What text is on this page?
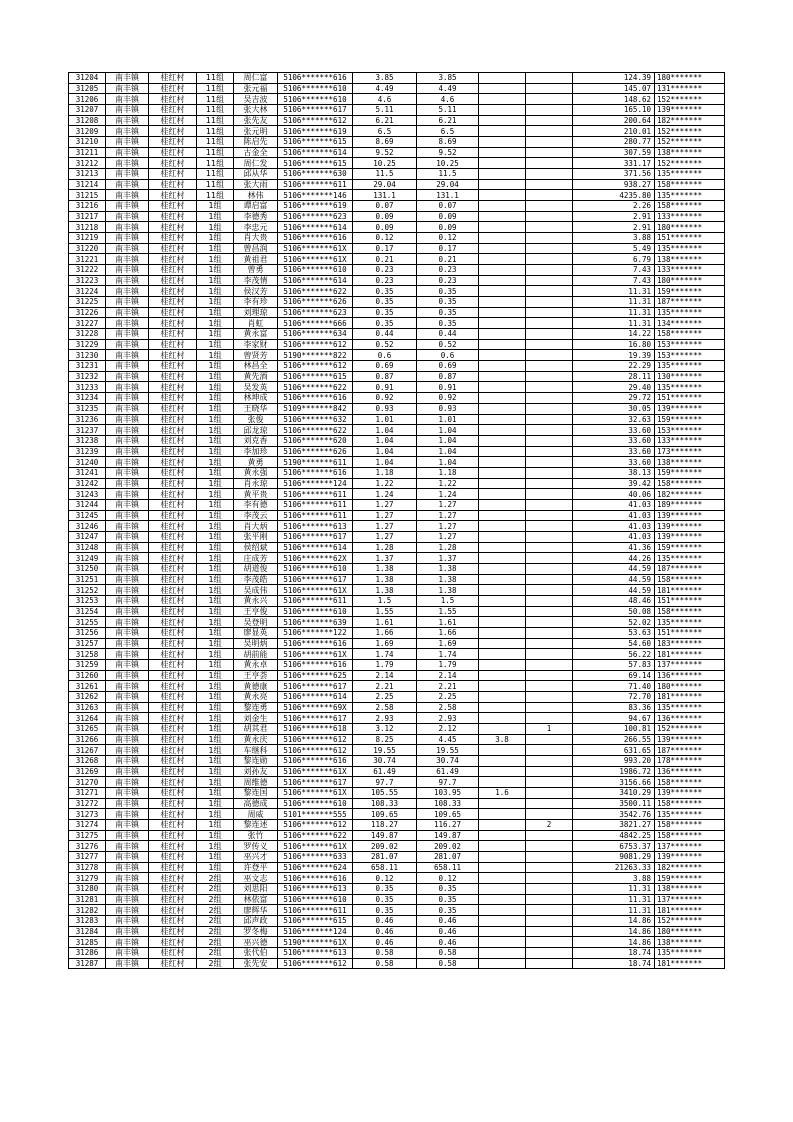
31204	南丰镇	桂红村	11组	周仁富	5106*******616	3.85	3.85			124.39	180*******
31205	南丰镇	桂红村	11组	张元福	5106*******610	4.49	4.49			145.07	131*******
31206	南丰镇	桂红村	11组	吴吉波	5106*******610	4.6	4.6			148.62	152*******
31207	南丰镇	桂红村	11组	张大林	5106*******617	5.11	5.11			165.10	139*******
31208	南丰镇	桂红村	11组	张先友	5106*******612	6.21	6.21			200.64	182*******
31209	南丰镇	桂红村	11组	张元明	5106*******619	6.5	6.5			210.01	152*******
31210	南丰镇	桂红村	11组	陈启先	5106*******615	8.69	8.69			280.77	152*******
31211	南丰镇	桂红村	11组	古金全	5106*******614	9.52	9.52			307.59	138*******
31212	南丰镇	桂红村	11组	周仁发	5106*******615	10.25	10.25			331.17	152*******
31213	南丰镇	桂红村	11组	邱从华	5106*******630	11.5	11.5			371.56	135*******
31214	南丰镇	桂红村	11组	张大雨	5106*******611	29.04	29.04			938.27	158*******
31215	南丰镇	桂红村	11组	林伟	5106*******146	131.1	131.1			4235.80	135*******
31216	南丰镇	桂红村	1组	谭启富	5106*******619	0.07	0.07			2.26	158*******
31217	南丰镇	桂红村	1组	李德秀	5106*******623	0.09	0.09			2.91	133*******
31218	南丰镇	桂红村	1组	李忠元	5106*******614	0.09	0.09			2.91	180*******
31219	南丰镇	桂红村	1组	肖大贵	5106*******616	0.12	0.12			3.88	151*******
31220	南丰镇	桂红村	1组	曾昌润	5106*******61X	0.17	0.17			5.49	135*******
31221	南丰镇	桂红村	1组	黄祖君	5106*******61X	0.21	0.21			6.79	138*******
31222	南丰镇	桂红村	1组	曾勇	5106*******610	0.23	0.23			7.43	133*******
31223	南丰镇	桂红村	1组	李茂情	5106*******614	0.23	0.23			7.43	180*******
31224	南丰镇	桂红村	1组	侯汉芳	5106*******622	0.35	0.35			11.31	159*******
31225	南丰镇	桂红村	1组	李有珍	5106*******626	0.35	0.35			11.31	187*******
31226	南丰镇	桂红村	1组	刘理琼	5106*******623	0.35	0.35			11.31	135*******
31227	南丰镇	桂红村	1组	肖虹	5106*******666	0.35	0.35			11.31	134*******
31228	南丰镇	桂红村	1组	黄永富	5106*******634	0.44	0.44			14.22	158*******
31229	南丰镇	桂红村	1组	李家财	5106*******612	0.52	0.52			16.80	153*******
31230	南丰镇	桂红村	1组	曾贤芳	5190*******822	0.6	0.6			19.39	153*******
31231	南丰镇	桂红村	1组	林昌全	5106*******612	0.69	0.69			22.29	135*******
31232	南丰镇	桂红村	1组	黄先酒	5106*******615	0.87	0.87			28.11	130*******
31233	南丰镇	桂红村	1组	吴发英	5106*******622	0.91	0.91			29.40	135*******
31234	南丰镇	桂红村	1组	林坤成	5106*******616	0.92	0.92			29.72	151*******
31235	南丰镇	桂红村	1组	王晓华	5109*******842	0.93	0.93			30.05	139*******
31236	南丰镇	桂红村	1组	张俊	5106*******632	1.01	1.01			32.63	159*******
31237	南丰镇	桂红村	1组	邱龙琼	5106*******622	1.04	1.04			33.60	153*******
31238	南丰镇	桂红村	1组	刘克香	5106*******620	1.04	1.04			33.60	133*******
31239	南丰镇	桂红村	1组	李加珍	5106*******626	1.04	1.04			33.60	173*******
31240	南丰镇	桂红村	1组	黄勇	5190*******611	1.04	1.04			33.60	138*******
31241	南丰镇	桂红村	1组	黄永强	5106*******616	1.18	1.18			38.13	159*******
31242	南丰镇	桂红村	1组	肖永琼	5106*******124	1.22	1.22			39.42	158*******
31243	南丰镇	桂红村	1组	黄平贵	5106*******611	1.24	1.24			40.06	182*******
31244	南丰镇	桂红村	1组	李有德	5106*******611	1.27	1.27			41.03	189*******
31245	南丰镇	桂红村	1组	李茂云	5106*******611	1.27	1.27			41.03	139*******
31246	南丰镇	桂红村	1组	肖大炳	5106*******613	1.27	1.27			41.03	139*******
31247	南丰镇	桂红村	1组	张平刚	5106*******617	1.27	1.27			41.03	139*******
31248	南丰镇	桂红村	1组	侯绍斌	5106*******614	1.28	1.28			41.36	159*******
31249	南丰镇	桂红村	1组	庄成芳	5106*******62X	1.37	1.37			44.26	135*******
31250	南丰镇	桂红村	1组	胡道俊	5106*******610	1.38	1.38			44.59	187*******
31251	南丰镇	桂红村	1组	李茂皓	5106*******617	1.38	1.38			44.59	158*******
31252	南丰镇	桂红村	1组	吴成伟	5106*******61X	1.38	1.38			44.59	181*******
31253	南丰镇	桂红村	1组	黄永兴	5106*******611	1.5	1.5			48.46	151*******
31254	南丰镇	桂红村	1组	王亨俊	5106*******610	1.55	1.55			50.08	158*******
31255	南丰镇	桂红村	1组	吴登明	5106*******639	1.61	1.61			52.02	135*******
31256	南丰镇	桂红村	1组	廖显英	5106*******122	1.66	1.66			53.63	151*******
31257	南丰镇	桂红村	1组	吴明炳	5106*******616	1.69	1.69			54.60	183*******
31258	南丰镇	桂红村	1组	胡前能	5106*******61X	1.74	1.74			56.22	181*******
31259	南丰镇	桂红村	1组	黄永卓	5106*******616	1.79	1.79			57.83	137*******
31260	南丰镇	桂红村	1组	王亨荟	5106*******625	2.14	2.14			69.14	136*******
31261	南丰镇	桂红村	1组	黄德康	5106*******617	2.21	2.21			71.40	180*******
31262	南丰镇	桂红村	1组	黄永亮	5106*******614	2.25	2.25			72.70	181*******
31263	南丰镇	桂红村	1组	黎连勇	5106*******69X	2.58	2.58			83.36	135*******
31264	南丰镇	桂红村	1组	刘金生	5106*******617	2.93	2.93			94.67	136*******
31265	南丰镇	桂红村	1组	胡其君	5106*******618	3.12	2.12		1	100.81	152*******
31266	南丰镇	桂红村	1组	黄永庆	5106*******612	8.25	4.45	3.8		266.55	139*******
31267	南丰镇	桂红村	1组	车继科	5106*******612	19.55	19.55			631.65	187*******
31268	南丰镇	桂红村	1组	黎连勋	5106*******616	30.74	30.74			993.20	178*******
31269	南丰镇	桂红村	1组	刘孙友	5106*******61X	61.49	61.49			1986.72	136*******
31270	南丰镇	桂红村	1组	周维德	5106*******617	97.7	97.7			3156.66	158*******
31271	南丰镇	桂红村	1组	黎连国	5106*******61X	105.55	103.95	1.6		3410.29	139*******
31272	南丰镇	桂红村	1组	高德成	5106*******610	108.33	108.33			3500.11	158*******
31273	南丰镇	桂红村	1组	周威	5101*******555	109.65	109.65			3542.76	135*******
31274	南丰镇	桂红村	1组	黎连述	5106*******612	118.27	116.27		2	3821.27	158*******
31275	南丰镇	桂红村	1组	张竹	5106*******622	149.87	149.87			4842.25	158*******
31276	南丰镇	桂红村	1组	罗传义	5106*******61X	209.02	209.02			6753.37	137*******
31277	南丰镇	桂红村	1组	巫兴才	5106*******633	281.07	281.07			9081.29	139*******
31278	南丰镇	桂红村	1组	许登平	5106*******624	658.11	658.11			21263.33	182*******
31279	南丰镇	桂红村	2组	巫文志	5106*******616	0.12	0.12			3.88	159*******
31280	南丰镇	桂红村	2组	刘思阳	5106*******613	0.35	0.35			11.31	138*******
31281	南丰镇	桂红村	2组	林依富	5106*******610	0.35	0.35			11.31	137*******
31282	南丰镇	桂红村	2组	廖辉华	5106*******611	0.35	0.35			11.31	181*******
31283	南丰镇	桂红村	2组	邱声政	5106*******615	0.46	0.46			14.86	152*******
31284	南丰镇	桂红村	2组	罗冬梅	5106*******124	0.46	0.46			14.86	180*******
31285	南丰镇	桂红村	2组	巫兴德	5190*******61X	0.46	0.46			14.86	138*******
31286	南丰镇	桂红村	2组	张代伯	5106*******613	0.58	0.58			18.74	135*******
31287	南丰镇	桂红村	2组	张先安	5106*******612	0.58	0.58			18.74	181*******
